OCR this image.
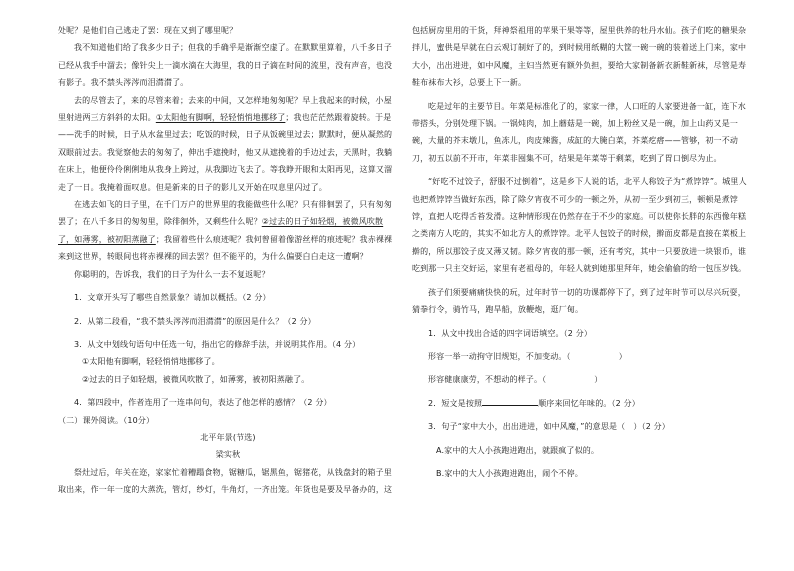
处呢？是他们自己逃走了罢：现在又到了哪里呢？

我不知道他们给了我多少日子；但我的手确乎是渐渐空虚了。在默默里算着，八千多日子已经从我手中溜去；像针尖上一滴水滴在大海里，我的日子滴在时间的流里，没有声音，也没有影子。我不禁头涔涔而泪潸潸了。

去的尽管去了，来的尽管来着；去来的中间，又怎样地匆匆呢？早上我起来的时候，小屋里射进两三方斜斜的太阳。①太阳他有脚啊，轻轻悄悄地挪移了；我也茫茫然跟着旋转。于是——洗手的时候，日子从水盆里过去；吃饭的时候，日子从饭碗里过去；默默时，便从凝然的双眼前过去。我觉察他去的匆匆了，伸出手遮挽时，他又从遮挽着的手边过去，天黑时，我躺在床上，他便伶伶俐俐地从我身上跨过，从我脚边飞去了。等我睁开眼和太阳再见，这算又溜走了一日。我掩着面叹息。但是新来的日子的影儿又开始在叹息里闪过了。

在逃去如飞的日子里，在千门万户的世界里的我能做些什么呢？只有徘徊罢了，只有匆匆罢了；在八千多日的匆匆里，除徘徊外，又剩些什么呢？②过去的日子如轻烟，被微风吹散了，如薄雾，被初阳蒸融了；我留着些什么痕迹呢？我何曾留着像游丝样的痕迹呢？我赤裸裸来到这世界，转眼间也将赤裸裸的回去罢？但不能平的，为什么偏要白白走这一遭啊？

你聪明的，告诉我，我们的日子为什么一去不复返呢？

1．文章开头写了哪些自然景象？请加以概括。（2 分）

2．从第二段看，“我不禁头涔涔而泪潸潸”的原因是什么？（2 分）

3．从文中划线句语句中任选一句，指出它的修辞手法，并说明其作用。（4 分）

①太阳他有脚啊，轻轻悄悄地挪移了。

②过去的日子如轻烟，被微风吹散了，如薄雾，被初阳蒸融了。

4．第四段中，作者连用了一连串问句，表达了他怎样的感情？（2 分）

（二）课外阅读。（10分）

北平年景(节选)

梁实秋

祭灶过后，年关在迩，家家忙着糟蹋食物，锯糖瓜，锯黑鱼，锯猪花，从钱盘封的箱子里取出来，作一年一度的大蒸洗，管灯，纱灯，牛角灯，一齐出笼。年货也是要及早备办的，这

包括厨房里用的干货，拜神祭祖用的苹果干果等等，屋里供养的牡丹水仙。孩子们吃的糖果杂拌儿，蜜供是早就在白云观订制好了的，到时候用纸糊的大筐一碗一碗的装着送上门来，家中大小，出出进进，如中风魔，主妇当然更有额外负担，要给大家制备新衣新鞋新袜，尽管是寿鞋布袜布大衫，总要上下一新。

吃是过年的主要节目。年菜是标准化了的，家家一律，人口旺的人家要进备一缸，连下水带搭头，分别处理下锅。一锅炖肉，加上蘑菇是一碗，加上粉丝又是一碗，加上山药又是一碗，大量的芥末墩儿，鱼冻儿，肉皮辣酱，成缸的大腌白菜，芥菜疙瘩——管够，初一不动刀，初五以前不开市，年菜非囤集不可，结果是年菜等于剩菜，吃到了胃口倒尽为止。

“好吃不过饺子，舒服不过倒着”，这是乡下人说的话，北平人称饺子为“煮饽饽”。城里人也把煮饽饽当做好东西，除了除夕宵夜不可少的一顿之外，从初一至少到初三，顿顿是煮饽饽，直把人吃得舌苔发滑。这种情形现在仍然存在于不少的家庭。可以使你长胖的东西像年糕之类南方人吃的，其实不如北方人的煮饽饽。北平人包饺子的时候，擀面皮都是直接在菜板上擀的，所以那饺子皮又薄又韧。除夕宵夜的那一顿，还有考究，其中一只要放进一块银币，谁吃到那一只主交好运，家里有老祖母的，年轻人就到她那里拜年，她会偷偷的给一包压岁钱。

孩子们须要痛痛快快的玩，过年时节一切的功课都停下了，到了过年时节可以尽兴玩耍，猜拳行令，骑竹马，跑旱船，放鞭炮，逛厂甸。

1．从文中找出合适的四字词语填空。（2 分）

形容一举一动拘守旧规矩，不加变动。（	）

形容健康康劳，不想动的样子。（	）

2．短文是按照	顺序来回忆年味的。（2 分）

3．句子“家中大小，出出进进，如中风魔，”的意思是（　）（2 分）

A.家中的大人小孩跑进跑出，就跟疯了似的。

B.家中的大人小孩跑进跑出，闹个不停。
